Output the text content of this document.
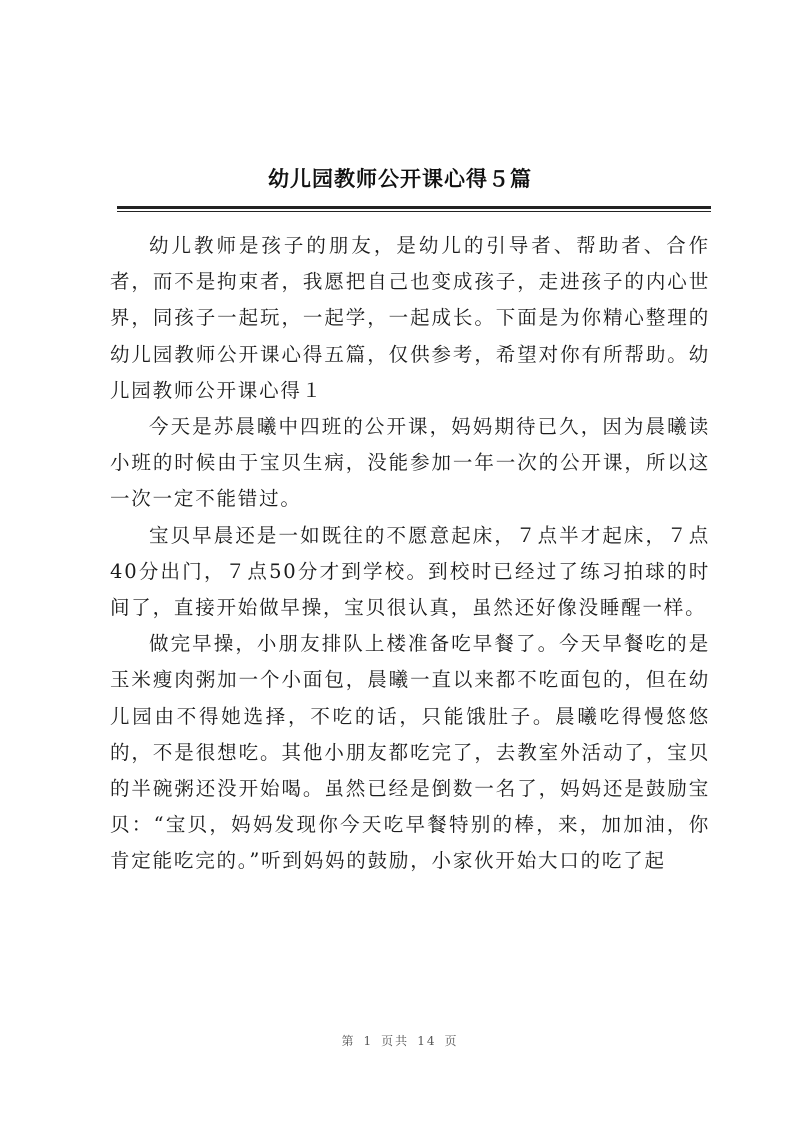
幼儿园教师公开课心得５篇

幼儿教师是孩子的朋友，是幼儿的引导者、帮助者、合作者，而不是拘束者，我愿把自己也变成孩子，走进孩子的内心世界，同孩子一起玩，一起学，一起成长。下面是为你精心整理的幼儿园教师公开课心得五篇，仅供参考，希望对你有所帮助。幼儿园教师公开课心得１

今天是苏晨曦中四班的公开课，妈妈期待已久，因为晨曦读小班的时候由于宝贝生病，没能参加一年一次的公开课，所以这一次一定不能错过。

宝贝早晨还是一如既往的不愿意起床，７点半才起床，７点40分出门，７点50分才到学校。到校时已经过了练习拍球的时间了，直接开始做早操，宝贝很认真，虽然还好像没睡醒一样。

做完早操，小朋友排队上楼准备吃早餐了。今天早餐吃的是玉米瘦肉粥加一个小面包，晨曦一直以来都不吃面包的，但在幼儿园由不得她选择，不吃的话，只能饿肚子。晨曦吃得慢悠悠的，不是很想吃。其他小朋友都吃完了，去教室外活动了，宝贝的半碗粥还没开始喝。虽然已经是倒数一名了，妈妈还是鼓励宝贝：“宝贝，妈妈发现你今天吃早餐特别的棒，来，加加油，你肯定能吃完的。”听到妈妈的鼓励，小家伙开始大口的吃了起

第 1 页共 14 页
